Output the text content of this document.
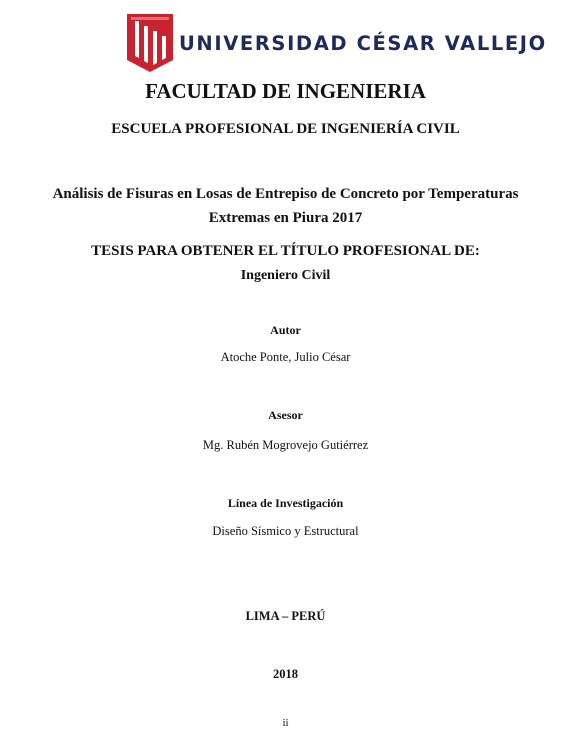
UNIVERSIDAD CÉSAR VALLEJO

FACULTAD DE INGENIERIA

ESCUELA PROFESIONAL DE INGENIERÍA CIVIL

Análisis de Fisuras en Losas de Entrepiso de Concreto por Temperaturas

Extremas en Piura 2017

TESIS PARA OBTENER EL TÍTULO PROFESIONAL DE:

Ingeniero Civil

Autor

Atoche Ponte, Julio César

Asesor

Mg. Rubén Mogrovejo Gutiérrez

Línea de Investigación

Diseño Sísmico y Estructural

LIMA – PERÚ

2018

ii
